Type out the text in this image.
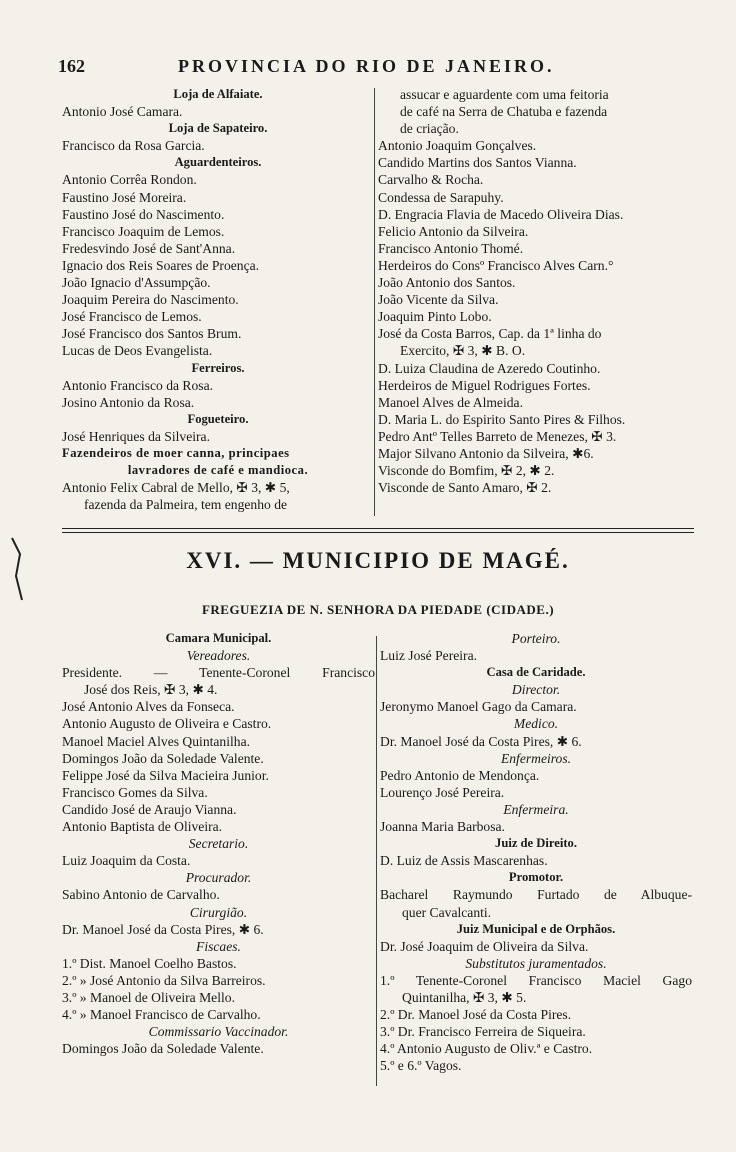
162	PROVINCIA DO RIO DE JANEIRO.
Loja de Alfaiate.
Antonio José Camara.
Loja de Sapateiro.
Francisco da Rosa Garcia.
Aguardenteiros.
Antonio Corrêa Rondon.
Faustino José Moreira.
Faustino José do Nascimento.
Francisco Joaquim de Lemos.
Fredesvindo José de Sant'Anna.
Ignacio dos Reis Soares de Proença.
João Ignacio d'Assumpção.
Joaquim Pereira do Nascimento.
José Francisco de Lemos.
José Francisco dos Santos Brum.
Lucas de Deos Evangelista.
Ferreiros.
Antonio Francisco da Rosa.
Josino Antonio da Rosa.
Fogueteiro.
José Henriques da Silveira.
Fazendeiros de moer canna, principaes
lavradores de café e mandioca.
Antonio Felix Cabral de Mello, ✠ 3, ✱ 5,
fazenda da Palmeira, tem engenho de
assucar e aguardente com uma feitoria
de café na Serra de Chatuba e fazenda
de criação.
Antonio Joaquim Gonçalves.
Candido Martins dos Santos Vianna.
Carvalho & Rocha.
Condessa de Sarapuhy.
D. Engracia Flavia de Macedo Oliveira Dias.
Felicio Antonio da Silveira.
Francisco Antonio Thomé.
Herdeiros do Consº Francisco Alves Carn.°
João Antonio dos Santos.
João Vicente da Silva.
Joaquim Pinto Lobo.
José da Costa Barros, Cap. da 1ª linha do
Exercito, ✠ 3, ✱ B. O.
D. Luiza Claudina de Azeredo Coutinho.
Herdeiros de Miguel Rodrigues Fortes.
Manoel Alves de Almeida.
D. Maria L. do Espirito Santo Pires & Filhos.
Pedro Antº Telles Barreto de Menezes, ✠ 3.
Major Silvano Antonio da Silveira, ✱6.
Visconde do Bomfim, ✠ 2, ✱ 2.
Visconde de Santo Amaro, ✠ 2.
XVI. — MUNICIPIO DE MAGÉ.
FREGUEZIA DE N. SENHORA DA PIEDADE (CIDADE.)
Camara Municipal.
Vereadores.
Presidente. — Tenente-Coronel Francisco
José dos Reis, ✠ 3, ✱ 4.
José Antonio Alves da Fonseca.
Antonio Augusto de Oliveira e Castro.
Manoel Maciel Alves Quintanilha.
Domingos João da Soledade Valente.
Felippe José da Silva Macieira Junior.
Francisco Gomes da Silva.
Candido José de Araujo Vianna.
Antonio Baptista de Oliveira.
Secretario.
Luiz Joaquim da Costa.
Procurador.
Sabino Antonio de Carvalho.
Cirurgião.
Dr. Manoel José da Costa Pires, ✱ 6.
Fiscaes.
1.º Dist. Manoel Coelho Bastos.
2.º » José Antonio da Silva Barreiros.
3.º » Manoel de Oliveira Mello.
4.º » Manoel Francisco de Carvalho.
Commissario Vaccinador.
Domingos João da Soledade Valente.
Porteiro.
Luiz José Pereira.
Casa de Caridade.
Director.
Jeronymo Manoel Gago da Camara.
Medico.
Dr. Manoel José da Costa Pires, ✱ 6.
Enfermeiros.
Pedro Antonio de Mendonça.
Lourenço José Pereira.
Enfermeira.
Joanna Maria Barbosa.
Juiz de Direito.
D. Luiz de Assis Mascarenhas.
Promotor.
Bacharel Raymundo Furtado de Albuque-
quer Cavalcanti.
Juiz Municipal e de Orphãos.
Dr. José Joaquim de Oliveira da Silva.
Substitutos juramentados.
1.º Tenente-Coronel Francisco Maciel Gago
Quintanilha, ✠ 3, ✱ 5.
2.º Dr. Manoel José da Costa Pires.
3.º Dr. Francisco Ferreira de Siqueira.
4.º Antonio Augusto de Oliv.ª e Castro.
5.º e 6.º Vagos.
